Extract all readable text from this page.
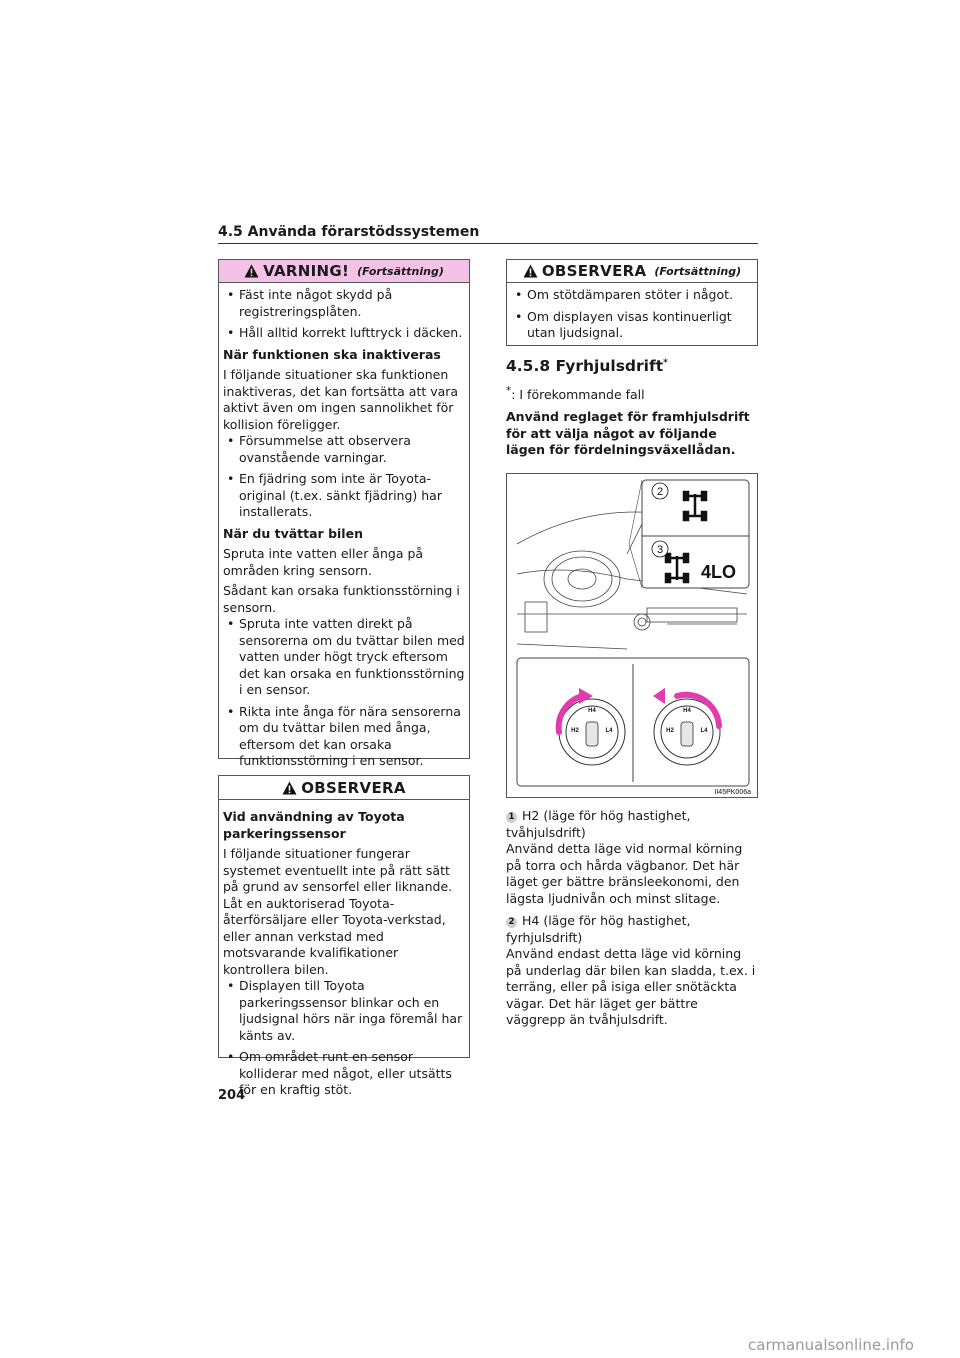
4.5 Använda förarstödssystemen
VARNING! (Fortsättning)
• Fäst inte något skydd på registreringsplåten.
• Håll alltid korrekt lufttryck i däcken.
När funktionen ska inaktiveras

I följande situationer ska funktionen inaktiveras, det kan fortsätta att vara aktivt även om ingen sannolikhet för kollision föreligger.

• Försummelse att observera ovanstående varningar.
• En fjädring som inte är Toyota-original (t.ex. sänkt fjädring) har installerats.
När du tvättar bilen

Spruta inte vatten eller ånga på områden kring sensorn.

Sådant kan orsaka funktionsstörning i sensorn.

• Spruta inte vatten direkt på sensorerna om du tvättar bilen med vatten under högt tryck eftersom det kan orsaka en funktionsstörning i en sensor.
• Rikta inte ånga för nära sensorerna om du tvättar bilen med ånga, eftersom det kan orsaka funktionsstörning i en sensor.
OBSERVERA
Vid användning av Toyota parkeringssensor

I följande situationer fungerar systemet eventuellt inte på rätt sätt på grund av sensorfel eller liknande. Låt en auktoriserad Toyota-återförsäljare eller Toyota-verkstad, eller annan verkstad med motsvarande kvalifikationer kontrollera bilen.

• Displayen till Toyota parkeringssensor blinkar och en ljudsignal hörs när inga föremål har känts av.
• Om området runt en sensor kolliderar med något, eller utsätts för en kraftig stöt.
OBSERVERA (Fortsättning)
• Om stötdämparen stöter i något.
• Om displayen visas kontinuerligt utan ljudsignal.
4.5.8 Fyrhjulsdrift*
*: I förekommande fall

Använd reglaget för framhjulsdrift för att välja något av följande lägen för fördelningsväxellådan.

4LO
2
3
H2
H4
L4	H2
H4
L4
II45PK006a

1 H2 (läge för hög hastighet, tvåhjulsdrift)

Använd detta läge vid normal körning på torra och hårda vägbanor. Det här läget ger bättre bränsleekonomi, den lägsta ljudnivån och minst slitage.

2 H4 (läge för hög hastighet, fyrhjulsdrift)

Använd endast detta läge vid körning på underlag där bilen kan sladda, t.ex. i terräng, eller på isiga eller snötäckta vägar. Det här läget ger bättre väggrepp än tvåhjulsdrift.

204
carmanualsonline.info
